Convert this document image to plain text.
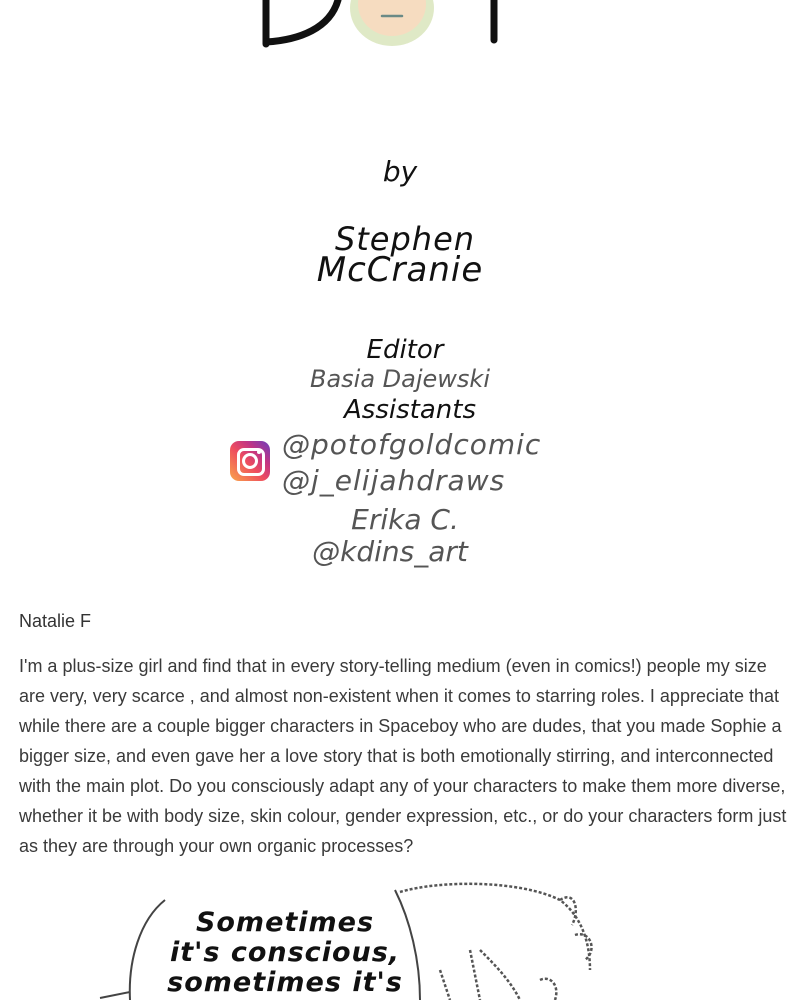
by
Stephen
McCranie
Editor
Basia Dajewski
Assistants
@potofgoldcomic
@j_elijahdraws
Erika C.
@kdins_art
Natalie F
I'm a plus-size girl and find that in every story-telling medium (even in comics!) people my size are very, very scarce , and almost non-existent when it comes to starring roles. I appreciate that while there are a couple bigger characters in Spaceboy who are dudes, that you made Sophie a bigger size, and even gave her a love story that is both emotionally stirring, and interconnected with the main plot. Do you consciously adapt any of your characters to make them more diverse, whether it be with body size, skin colour, gender expression, etc., or do your characters form just as they are through your own organic processes?
Sometimes
it's conscious,
sometimes it's
